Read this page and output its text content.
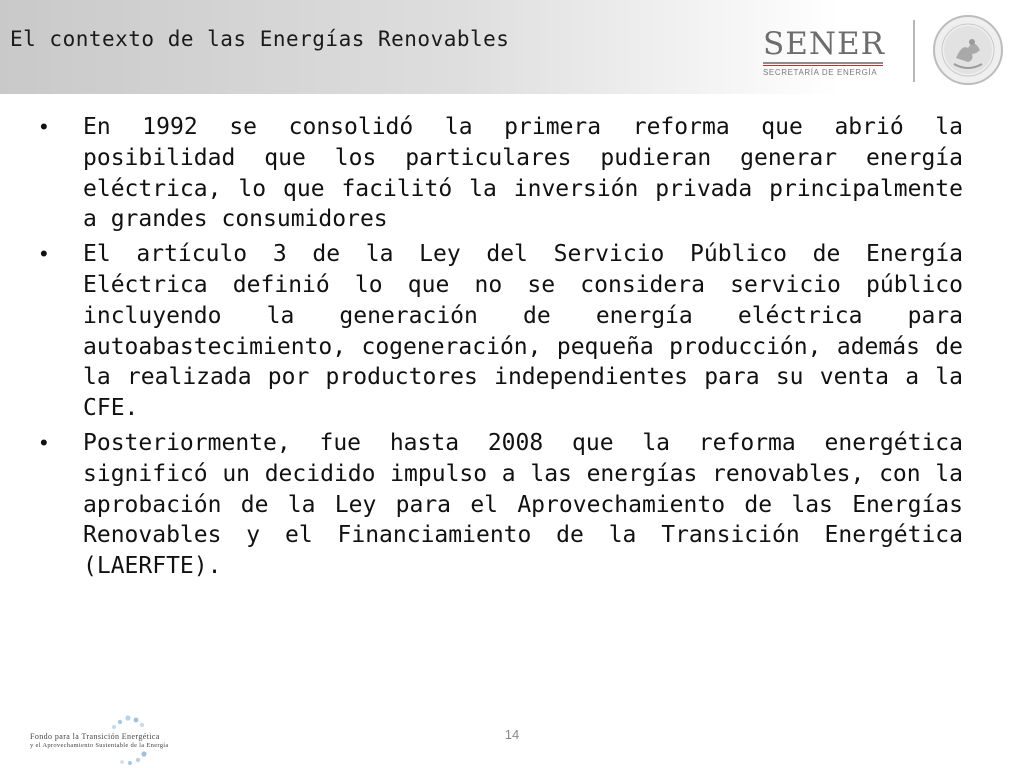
El contexto de las Energías Renovables	SENER
SECRETARÍA DE ENERGÍA
• En 1992 se consolidó la primera reforma que abrió la posibilidad que los particulares pudieran generar energía eléctrica, lo que facilitó la inversión privada principalmente a grandes consumidores
• El artículo 3 de la Ley del Servicio Público de Energía Eléctrica definió lo que no se considera servicio público incluyendo la generación de energía eléctrica para autoabastecimiento, cogeneración, pequeña producción, además de la realizada por productores independientes para su venta a la CFE.
• Posteriormente, fue hasta 2008 que la reforma energética significó un decidido impulso a las energías renovables, con la aprobación de la Ley para el Aprovechamiento de las Energías Renovables y el Financiamiento de la Transición Energética (LAERFTE).
Fondo para la Transición Energética
y el Aprovechamiento Sustentable de la Energía
14
